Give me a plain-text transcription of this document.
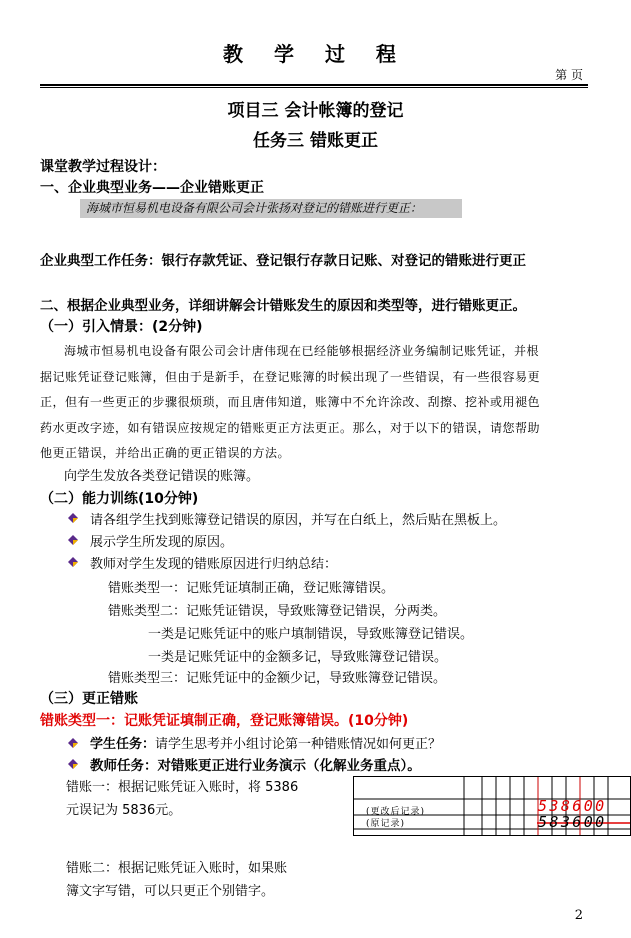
教 学 过 程
第 页
项目三 会计帐簿的登记
任务三 错账更正
课堂教学过程设计：
一、企业典型业务——企业错账更正
海城市恒易机电设备有限公司会计张扬对登记的错账进行更正：
企业典型工作任务：银行存款凭证、登记银行存款日记账、对登记的错账进行更正
二、根据企业典型业务，详细讲解会计错账发生的原因和类型等，进行错账更正。
（一）引入情景：(2分钟)
海城市恒易机电设备有限公司会计唐伟现在已经能够根据经济业务编制记账凭证，并根
据记账凭证登记账簿，但由于是新手，在登记账簿的时候出现了一些错误，有一些很容易更
正，但有一些更正的步骤很烦琐，而且唐伟知道，账簿中不允许涂改、刮擦、挖补或用褪色
药水更改字迹，如有错误应按规定的错账更正方法更正。那么，对于以下的错误，请您帮助
他更正错误，并给出正确的更正错误的方法。
向学生发放各类登记错误的账簿。
（二）能力训练(10分钟)
请各组学生找到账簿登记错误的原因，并写在白纸上，然后贴在黑板上。
展示学生所发现的原因。
教师对学生发现的错账原因进行归纳总结：
错账类型一：记账凭证填制正确，登记账簿错误。
错账类型二：记账凭证错误，导致账簿登记错误，分两类。
一类是记账凭证中的账户填制错误，导致账簿登记错误。
一类是记账凭证中的金额多记，导致账簿登记错误。
错账类型三：记账凭证中的金额少记，导致账簿登记错误。
（三）更正错账
错账类型一：记账凭证填制正确，登记账簿错误。(10分钟)
学生任务：请学生思考并小组讨论第一种错账情况如何更正？
教师任务：对错账更正进行业务演示（化解业务重点）。
错账一：根据记账凭证入账时，将 5386
元误记为 5836元。	(更改后记录)
(原记录)
538600
583600
错账二：根据记账凭证入账时，如果账
簿文字写错，可以只更正个别错字。
2
